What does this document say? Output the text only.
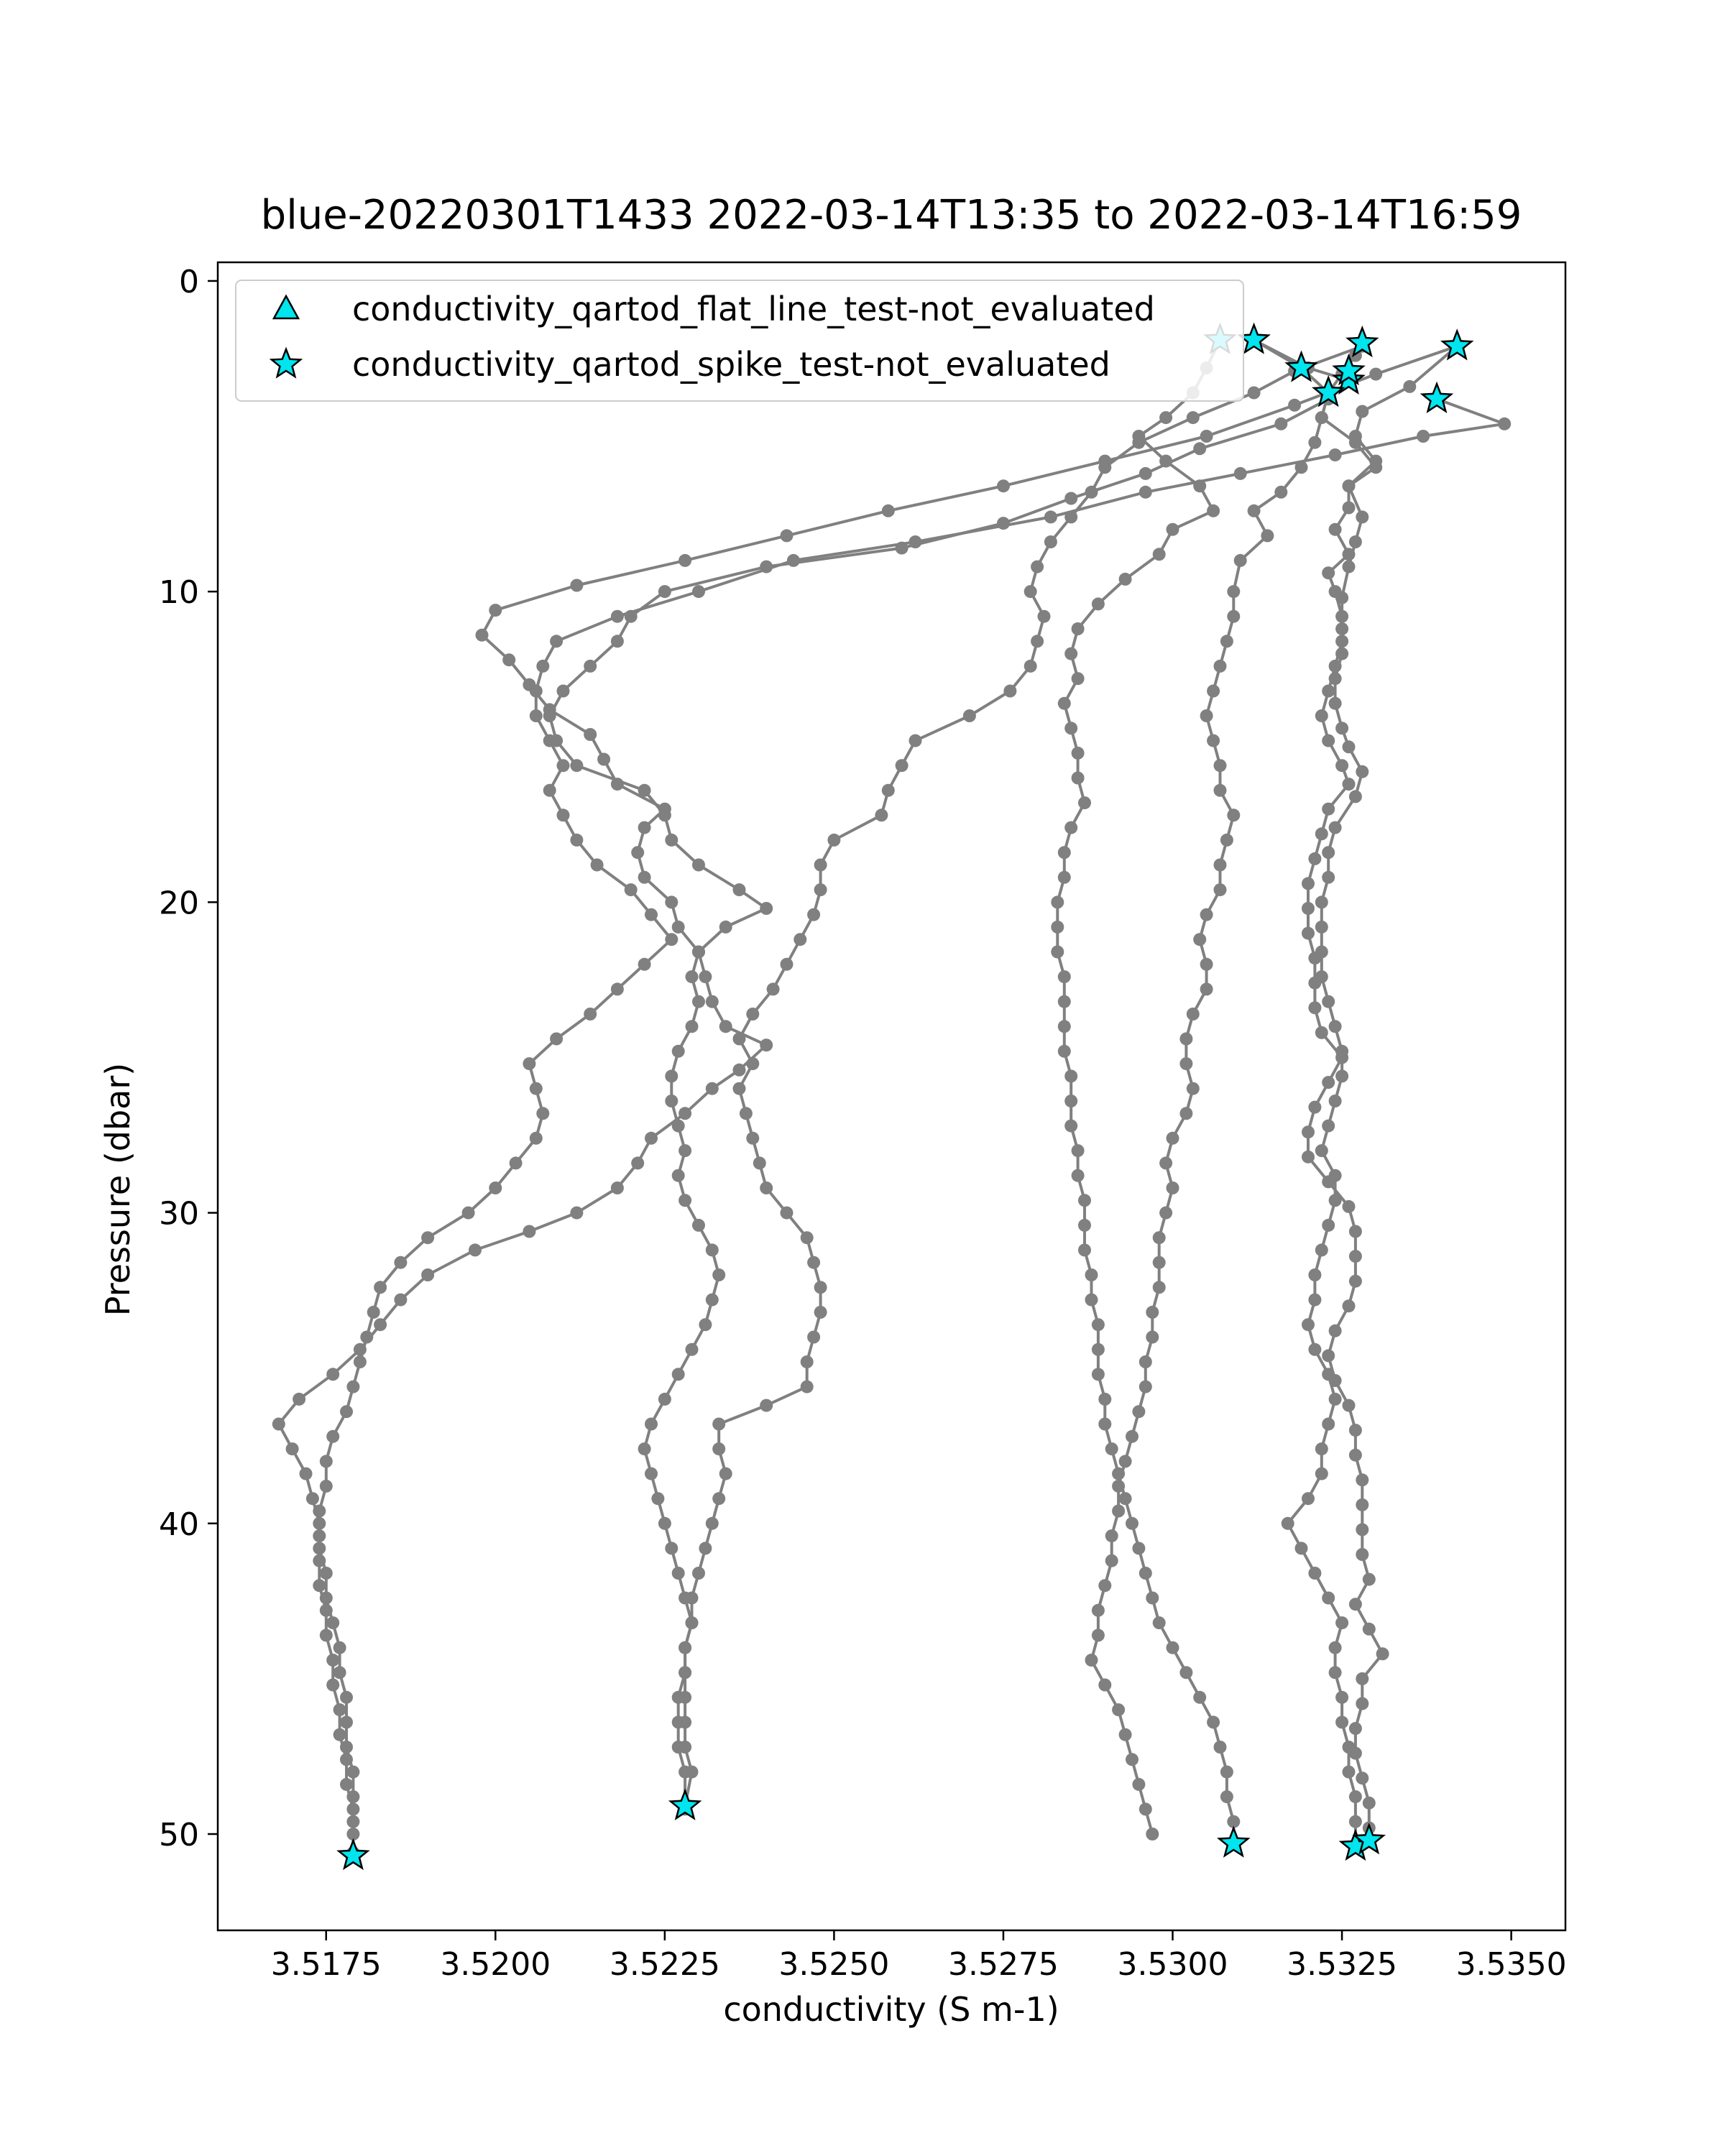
blue-20220301T1433 2022-03-14T13:35 to 2022-03-14T16:59
3.5175 3.5200 3.5225 3.5250 3.5275 3.5300 3.5325 3.5350
0
10
20
30
40
50
conductivity (S m-1)
Pressure (dbar)
conductivity_qartod_flat_line_test-not_evaluated
conductivity_qartod_spike_test-not_evaluated
